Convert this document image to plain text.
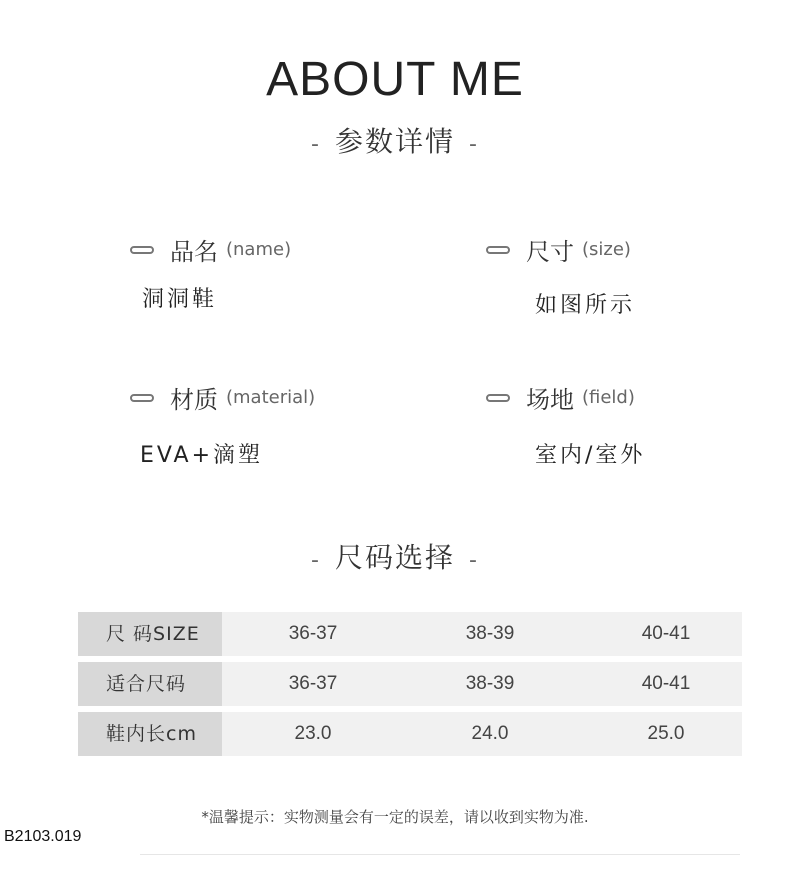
ABOUT ME
- 参数详情 -
品名 (name)
洞洞鞋
尺寸 (size)
如图所示
材质 (material)
EVA+滴塑
场地 (field)
室内/室外
- 尺码选择 -
尺 码SIZE	36-37	38-39	40-41
适合尺码	36-37	38-39	40-41
鞋内长cm	23.0	24.0	25.0
*温馨提示：实物测量会有一定的误差，请以收到实物为准.
B2103.019
